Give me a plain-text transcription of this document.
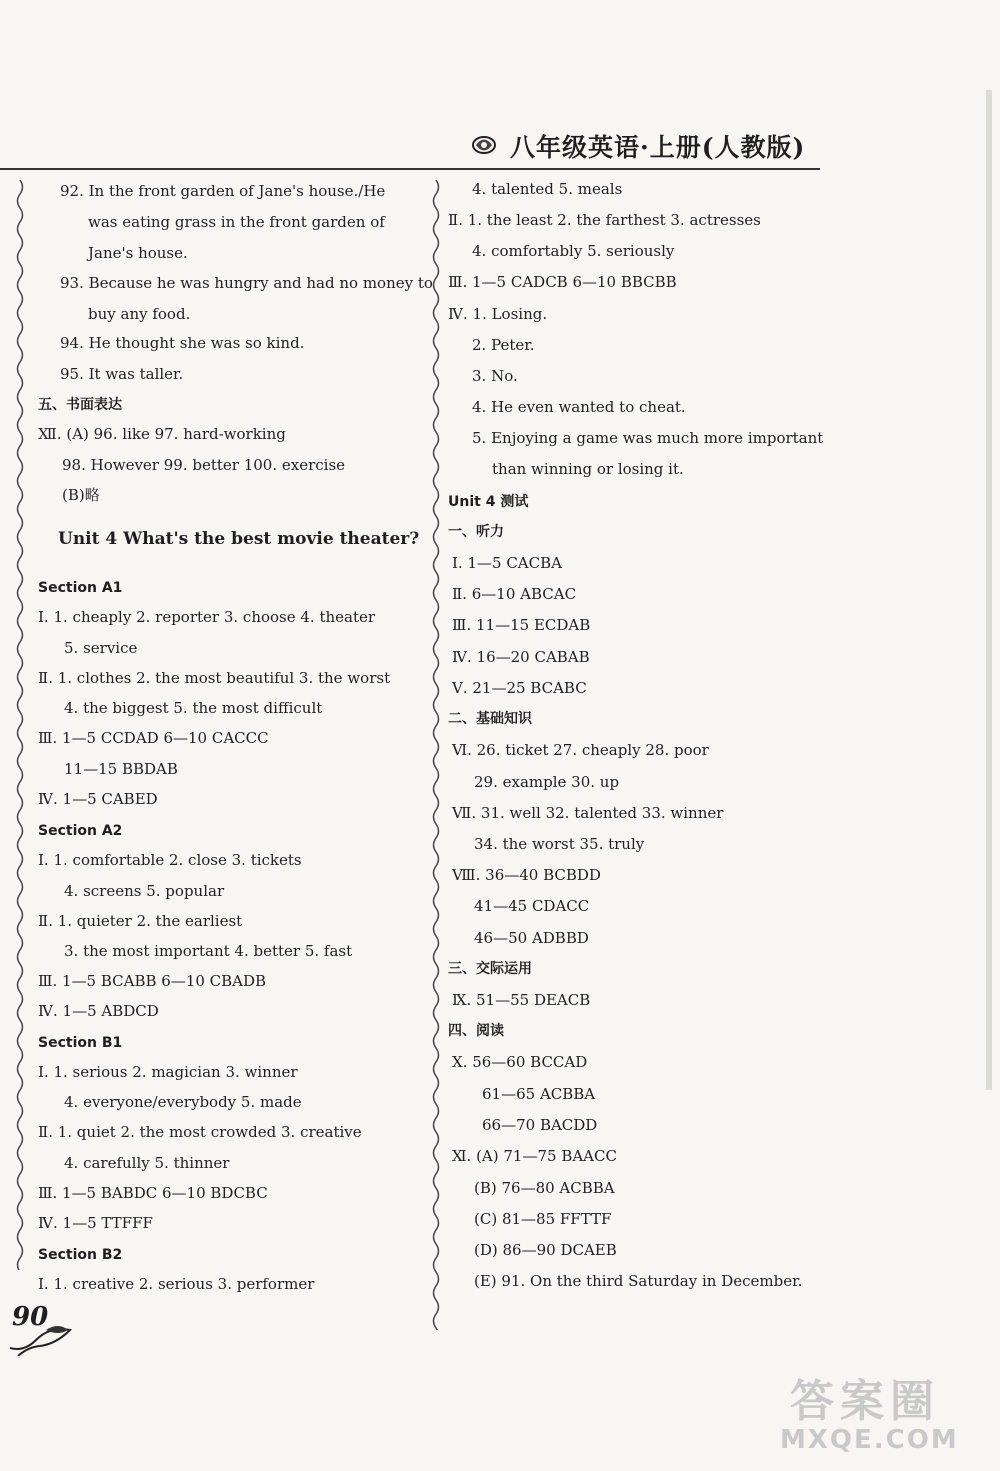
八年级英语·上册(人教版)
92. In the front garden of Jane's house./He
was eating grass in the front garden of
Jane's house.
93. Because he was hungry and had no money to
buy any food.
94. He thought she was so kind.
95. It was taller.
五、书面表达
Ⅻ. (A) 96. like 97. hard-working
98. However 99. better 100. exercise
(B)略
Unit 4 What's the best movie theater?
Section A1
Ⅰ. 1. cheaply 2. reporter 3. choose 4. theater
5. service
Ⅱ. 1. clothes 2. the most beautiful 3. the worst
4. the biggest 5. the most difficult
Ⅲ. 1—5 CCDAD 6—10 CACCC
11—15 BBDAB
Ⅳ. 1—5 CABED
Section A2
Ⅰ. 1. comfortable 2. close 3. tickets
4. screens 5. popular
Ⅱ. 1. quieter 2. the earliest
3. the most important 4. better 5. fast
Ⅲ. 1—5 BCABB 6—10 CBADB
Ⅳ. 1—5 ABDCD
Section B1
Ⅰ. 1. serious 2. magician 3. winner
4. everyone/everybody 5. made
Ⅱ. 1. quiet 2. the most crowded 3. creative
4. carefully 5. thinner
Ⅲ. 1—5 BABDC 6—10 BDCBC
Ⅳ. 1—5 TTFFF
Section B2
Ⅰ. 1. creative 2. serious 3. performer
4. talented 5. meals
Ⅱ. 1. the least 2. the farthest 3. actresses
4. comfortably 5. seriously
Ⅲ. 1—5 CADCB 6—10 BBCBB
Ⅳ. 1. Losing.
2. Peter.
3. No.
4. He even wanted to cheat.
5. Enjoying a game was much more important
than winning or losing it.
Unit 4 测试
一、听力
Ⅰ. 1—5 CACBA
Ⅱ. 6—10 ABCAC
Ⅲ. 11—15 ECDAB
Ⅳ. 16—20 CABAB
Ⅴ. 21—25 BCABC
二、基础知识
Ⅵ. 26. ticket 27. cheaply 28. poor
29. example 30. up
Ⅶ. 31. well 32. talented 33. winner
34. the worst 35. truly
Ⅷ. 36—40 BCBDD
41—45 CDACC
46—50 ADBBD
三、交际运用
Ⅸ. 51—55 DEACB
四、阅读
Ⅹ. 56—60 BCCAD
61—65 ACBBA
66—70 BACDD
Ⅺ. (A) 71—75 BAACC
(B) 76—80 ACBBA
(C) 81—85 FFTTF
(D) 86—90 DCAEB
(E) 91. On the third Saturday in December.
90
答案圈
MXQE.COM
